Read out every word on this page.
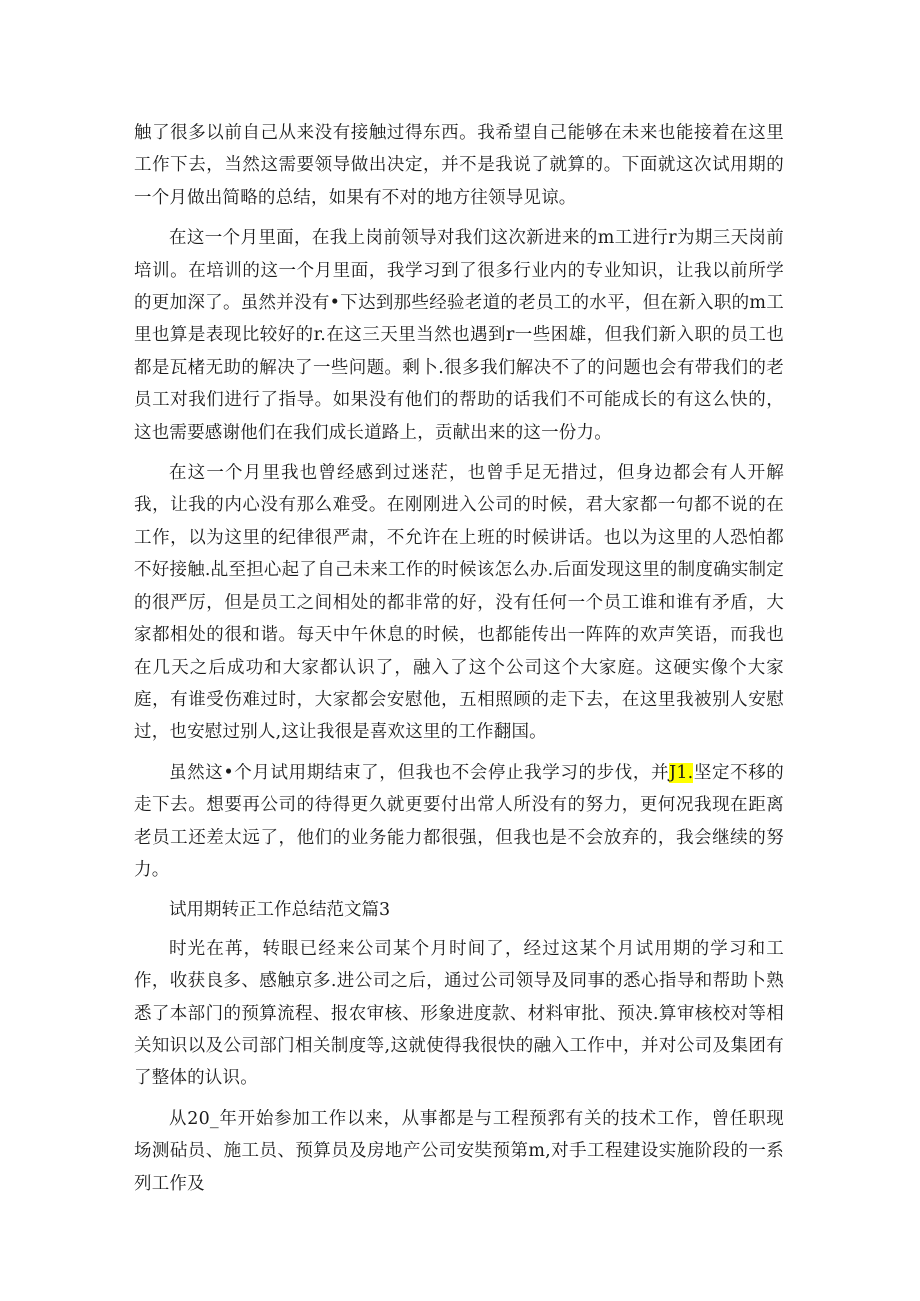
触了很多以前自己从来没有接触过得东西。我希望自己能够在未来也能接着在这里工作下去，当然这需要领导做出决定，并不是我说了就算的。下面就这次试用期的一个月做出简略的总结，如果有不对的地方往领导见谅。

在这一个月里面，在我上岗前领导对我们这次新进来的m工进行r为期三天岗前培训。在培训的这一个月里面，我学习到了很多行业内的专业知识，让我以前所学的更加深了。虽然并没有•下达到那些经验老道的老员工的水平，但在新入职的m工里也算是表现比较好的r.在这三天里当然也遇到r一些困雄，但我们新入职的员工也都是瓦楮无助的解决了一些问题。剩卜.很多我们解决不了的问题也会有带我们的老员工对我们进行了指导。如果没有他们的帮助的话我们不可能成长的有这么快的，这也需要感谢他们在我们成长道路上，贡献出来的这一份力。

在这一个月里我也曾经感到过迷茫，也曾手足无措过，但身边都会有人开解我，让我的内心没有那么难受。在刚刚进入公司的时候，君大家都一句都不说的在工作，以为这里的纪律很严肃，不允许在上班的时候讲话。也以为这里的人恐怕都不好接触.乩至担心起了自己未来工作的时候该怎么办.后面发现这里的制度确实制定的很严厉，但是员工之间相处的都非常的好，没有任何一个员工谁和谁有矛盾，大家都相处的很和谐。每天中午休息的时候，也都能传出一阵阵的欢声笑语，而我也在几天之后成功和大家都认识了，融入了这个公司这个大家庭。这硬实像个大家庭，有谁受伤难过时，大家都会安慰他，五相照顾的走下去，在这里我被别人安慰过，也安慰过别人,这让我很是喜欢这里的工作翻国。

虽然这•个月试用期结束了，但我也不会停止我学习的步伐，并J1.坚定不移的走下去。想要再公司的待得更久就更要付出常人所没有的努力，更何况我现在距离老员工还差太远了，他们的业务能力都很强，但我也是不会放弃的，我会继续的努力。

试用期转正工作总结范文篇3

时光在苒，转眼已经来公司某个月时间了，经过这某个月试用期的学习和工作，收获良多、感触京多.进公司之后，通过公司领导及同事的悉心指导和帮助卜熟悉了本部门的预算流程、报农审核、形象进度款、材料审批、预决.算审核校对等相关知识以及公司部门相关制度等,这就使得我很快的融入工作中，并对公司及集团有了整体的认识。

从20_年开始参加工作以来，从事都是与工程预郛有关的技术工作，曾任职现场测砧员、施工员、预算员及房地产公司安奘预第m,对手工程建设实施阶段的一系列工作及
